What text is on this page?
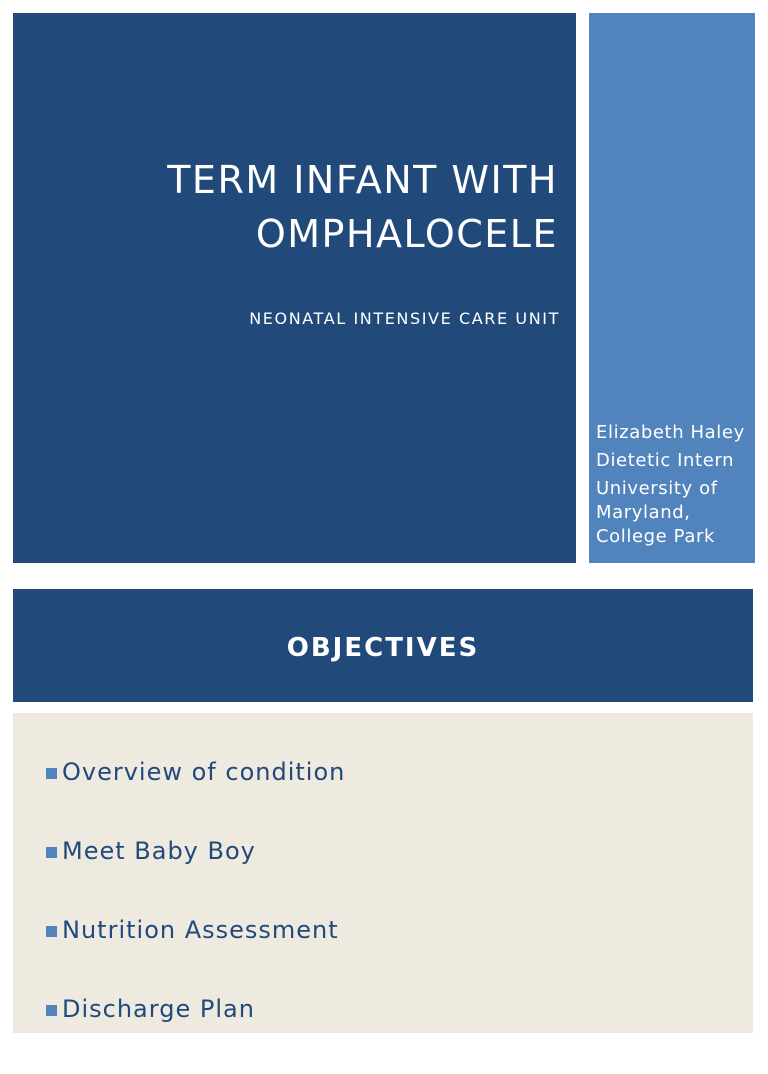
TERM INFANT WITH
OMPHALOCELE
NEONATAL INTENSIVE CARE UNIT
Elizabeth Haley
Dietetic Intern
University of
Maryland,
College Park
OBJECTIVES
Overview of condition
Meet Baby Boy
Nutrition Assessment
Discharge Plan
